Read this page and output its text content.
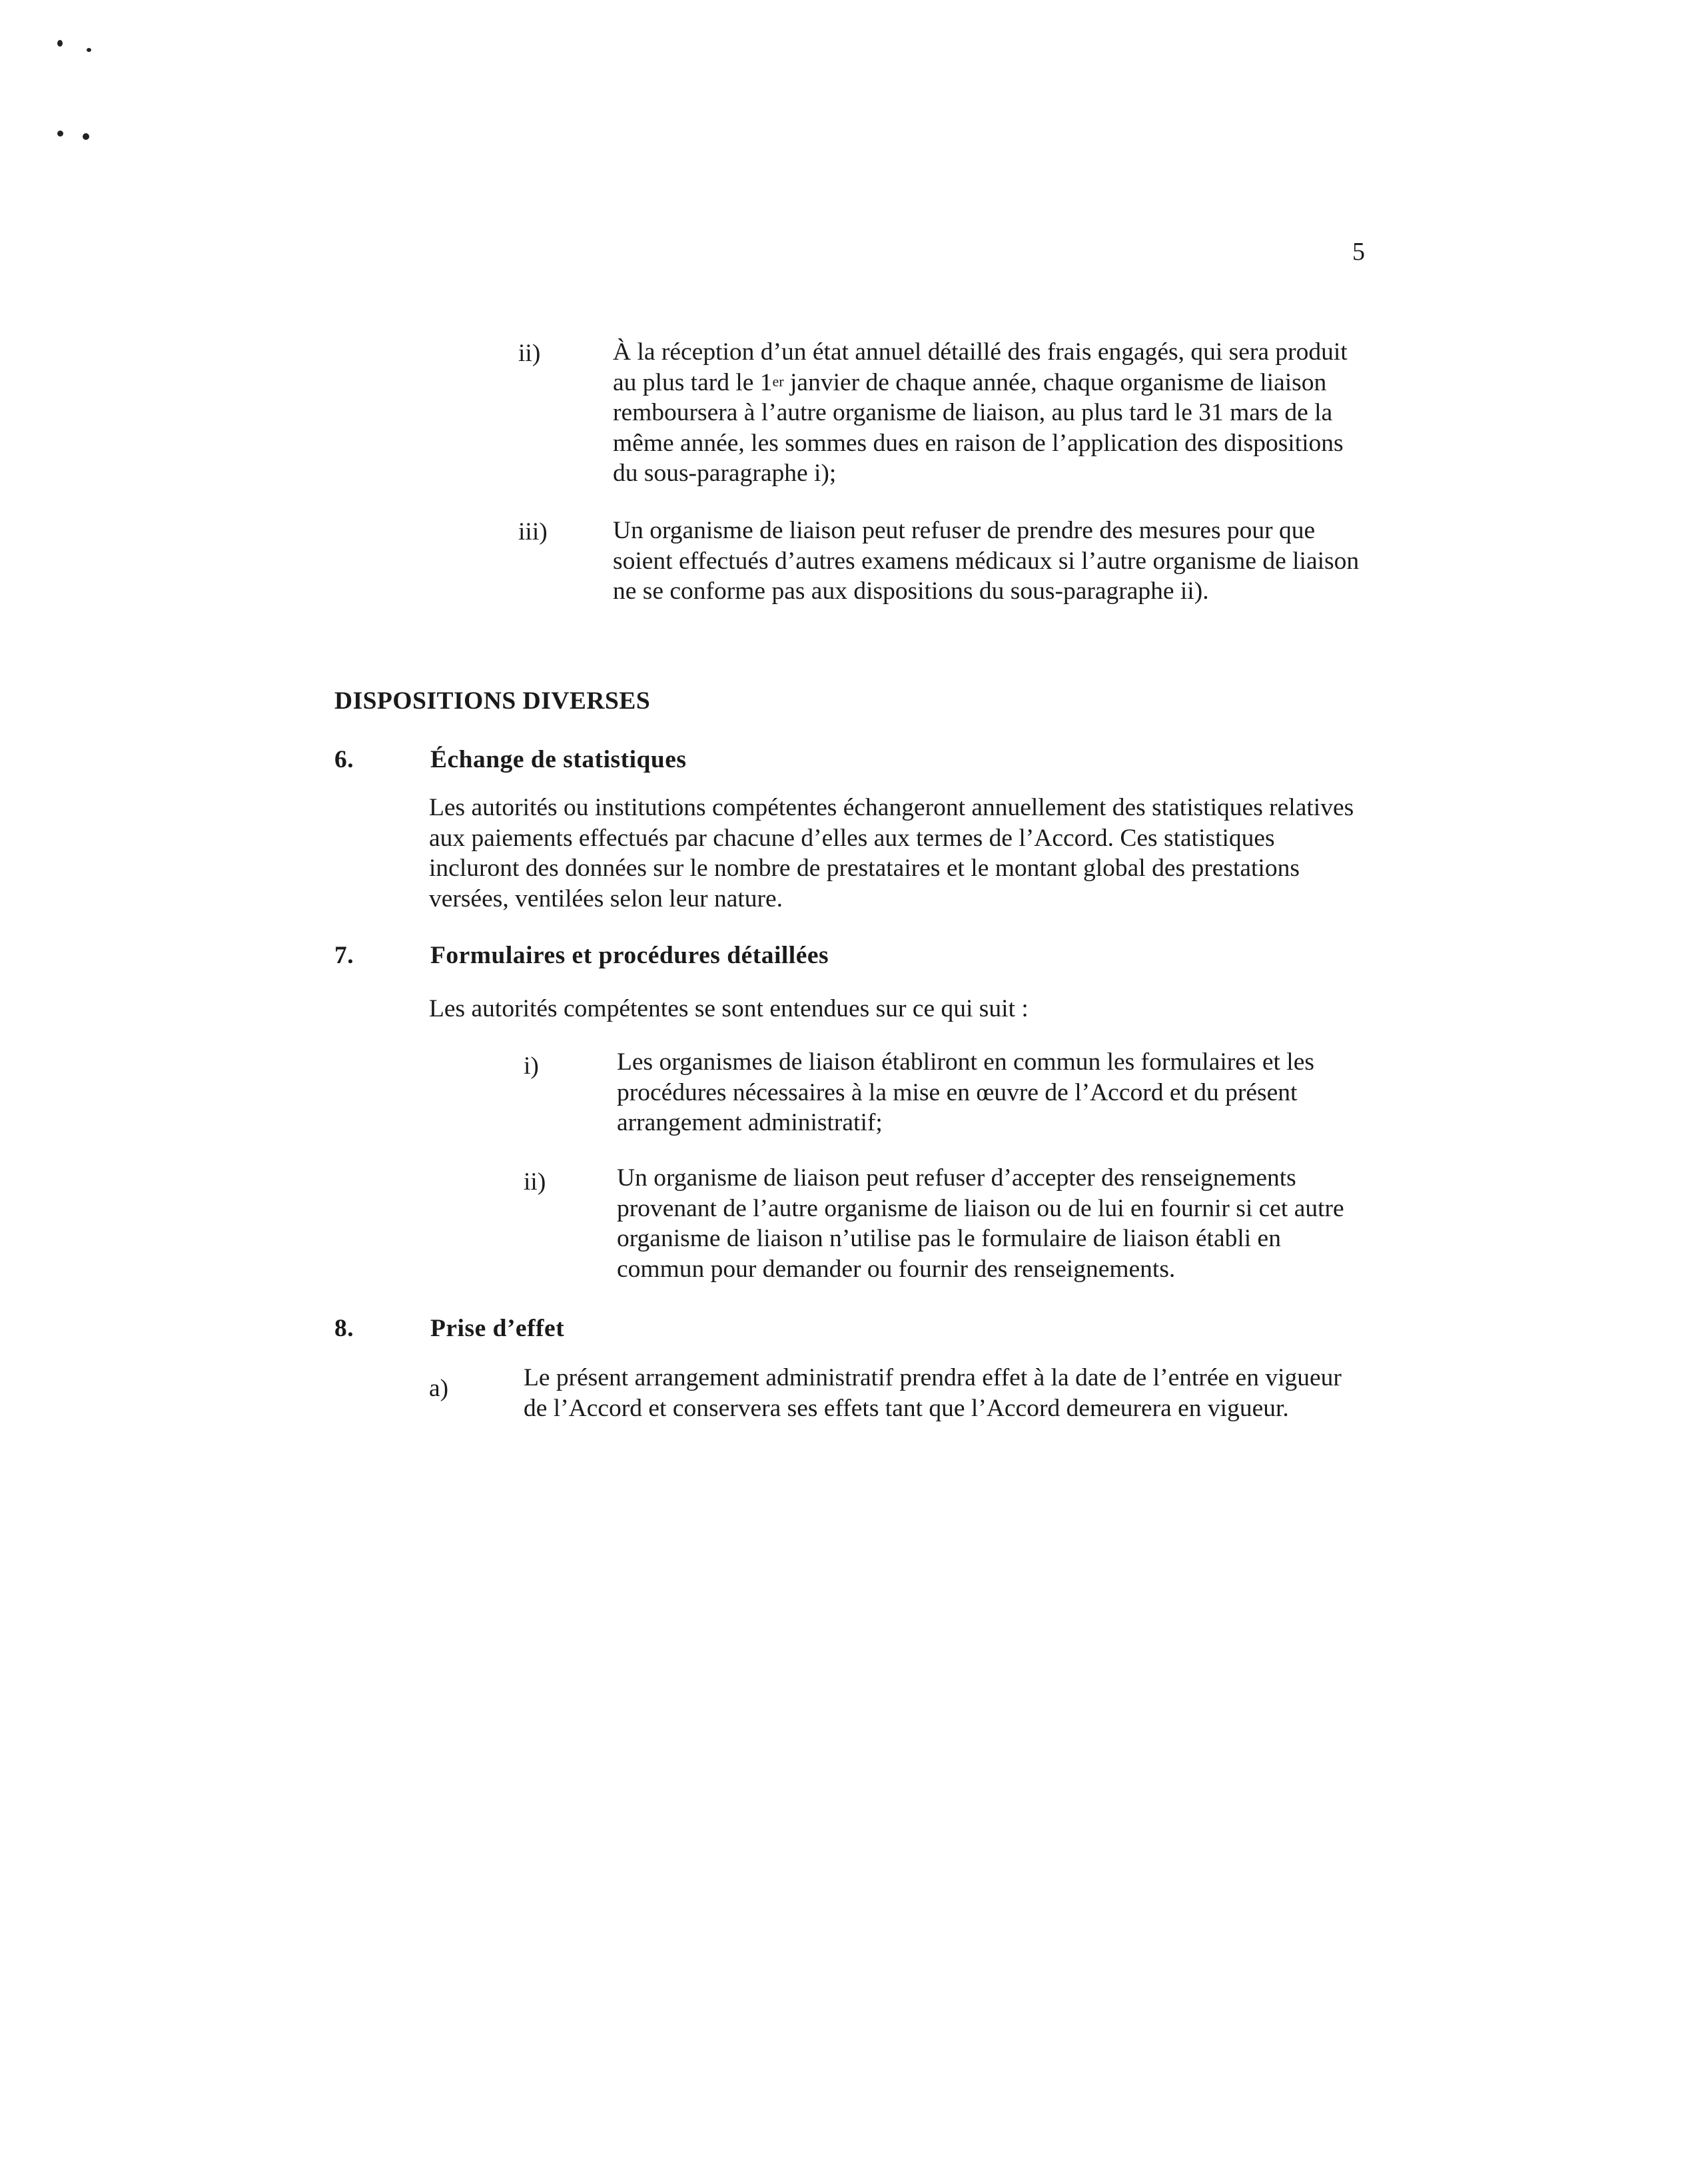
5
ii)	À la réception d’un état annuel détaillé des frais engagés, qui sera produit au plus tard le 1er janvier de chaque année, chaque organisme de liaison remboursera à l’autre organisme de liaison, au plus tard le 31 mars de la même année, les sommes dues en raison de l’application des dispositions du sous-paragraphe i);

iii)	Un organisme de liaison peut refuser de prendre des mesures pour que soient effectués d’autres examens médicaux si l’autre organisme de liaison ne se conforme pas aux dispositions du sous-paragraphe ii).

DISPOSITIONS DIVERSES
6.	Échange de statistiques

Les autorités ou institutions compétentes échangeront annuellement des statistiques relatives aux paiements effectués par chacune d’elles aux termes de l’Accord. Ces statistiques incluront des données sur le nombre de prestataires et le montant global des prestations versées, ventilées selon leur nature.

7.	Formulaires et procédures détaillées

Les autorités compétentes se sont entendues sur ce qui suit :

i)	Les organismes de liaison établiront en commun les formulaires et les procédures nécessaires à la mise en œuvre de l’Accord et du présent arrangement administratif;

ii)	Un organisme de liaison peut refuser d’accepter des renseignements provenant de l’autre organisme de liaison ou de lui en fournir si cet autre organisme de liaison n’utilise pas le formulaire de liaison établi en commun pour demander ou fournir des renseignements.

8.	Prise d’effet
a)	Le présent arrangement administratif prendra effet à la date de l’entrée en vigueur de l’Accord et conservera ses effets tant que l’Accord demeurera en vigueur.
